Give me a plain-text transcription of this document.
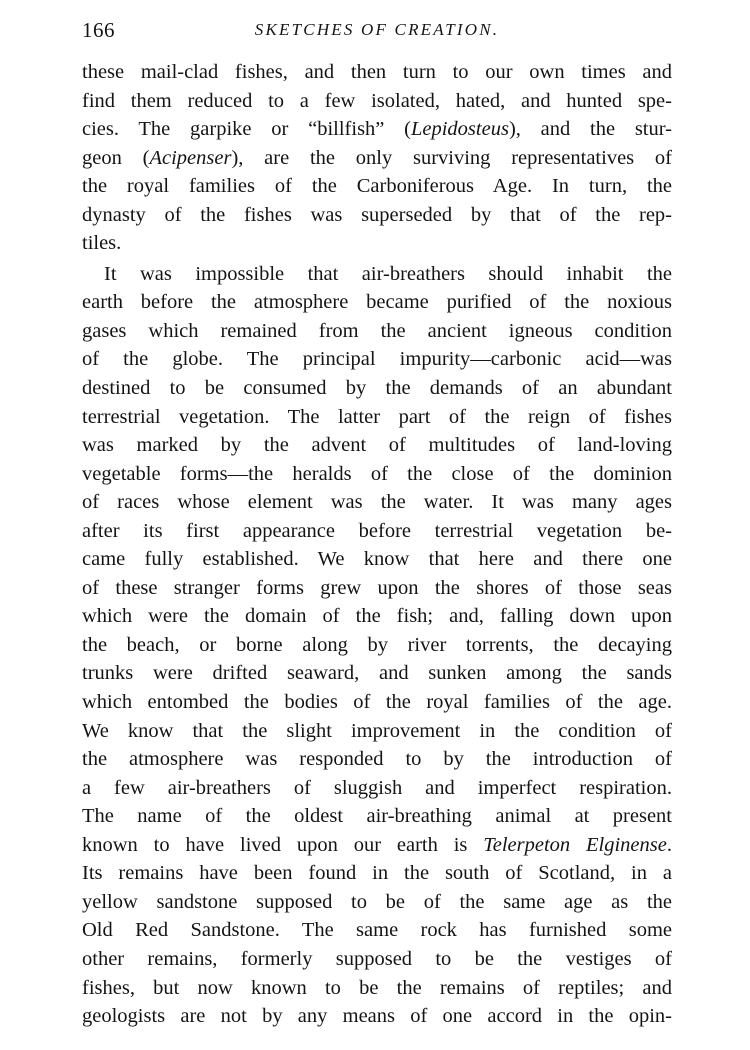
166	SKETCHES OF CREATION.
these mail-clad fishes, and then turn to our own times and
find them reduced to a few isolated, hated, and hunted spe-
cies. The garpike or “billfish” (Lepidosteus), and the stur-
geon (Acipenser), are the only surviving representatives of
the royal families of the Carboniferous Age. In turn, the
dynasty of the fishes was superseded by that of the rep-
tiles.
It was impossible that air-breathers should inhabit the
earth before the atmosphere became purified of the noxious
gases which remained from the ancient igneous condition
of the globe. The principal impurity—carbonic acid—was
destined to be consumed by the demands of an abundant
terrestrial vegetation. The latter part of the reign of fishes
was marked by the advent of multitudes of land-loving
vegetable forms—the heralds of the close of the dominion
of races whose element was the water. It was many ages
after its first appearance before terrestrial vegetation be-
came fully established. We know that here and there one
of these stranger forms grew upon the shores of those seas
which were the domain of the fish; and, falling down upon
the beach, or borne along by river torrents, the decaying
trunks were drifted seaward, and sunken among the sands
which entombed the bodies of the royal families of the age.
We know that the slight improvement in the condition of
the atmosphere was responded to by the introduction of
a few air-breathers of sluggish and imperfect respiration.
The name of the oldest air-breathing animal at present
known to have lived upon our earth is Telerpeton Elginense.
Its remains have been found in the south of Scotland, in a
yellow sandstone supposed to be of the same age as the
Old Red Sandstone. The same rock has furnished some
other remains, formerly supposed to be the vestiges of
fishes, but now known to be the remains of reptiles; and
geologists are not by any means of one accord in the opin-
